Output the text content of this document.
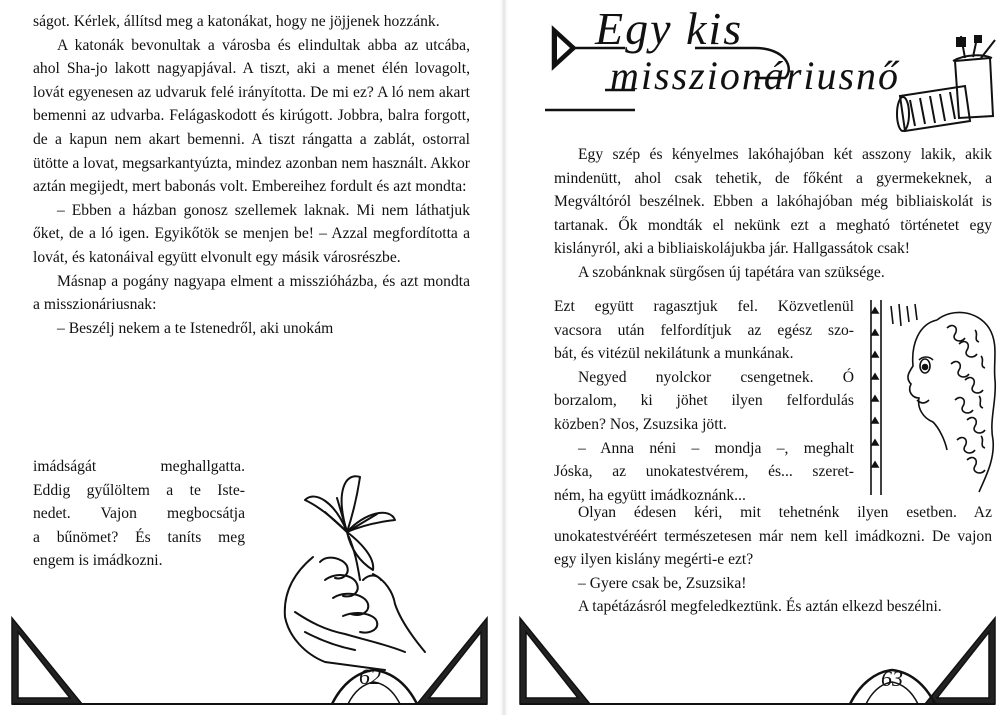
ságot. Kérlek, állítsd meg a katonákat, hogy ne jöjjenek hozzánk.

A katonák bevonultak a városba és elindultak abba az utcába, ahol Sha-jo lakott nagyapjával. A tiszt, aki a menet élén lovagolt, lovát egyenesen az udvaruk felé irányította. De mi ez? A ló nem akart bemenni az udvarba. Felágaskodott és kirúgott. Jobbra, balra forgott, de a kapun nem akart bemenni. A tiszt rángatta a zablát, ostorral ütötte a lovat, megsarkantyúzta, mindez azonban nem használt. Akkor aztán megijedt, mert babonás volt. Embereihez fordult és azt mondta:

– Ebben a házban gonosz szellemek laknak. Mi nem láthatjuk őket, de a ló igen. Egyikőtök se menjen be! – Azzal megfordította a lovát, és katonáival együtt elvonult egy másik városrészbe.

Másnap a pogány nagyapa elment a misszióházba, és azt mondta a misszionáriusnak:

– Beszélj nekem a te Istenedről, aki unokám

imádságát meghallgatta.

Eddig gyűlöltem a te Iste-

nedet. Vajon megbocsátja

a bűnömet? És taníts meg

engem is imádkozni.

62
Egy kis
misszionáriusnő

Egy szép és kényelmes lakóhajóban két asszony lakik, akik mindenütt, ahol csak tehetik, de főként a gyermekeknek, a Megváltóról beszélnek. Ebben a lakóhajóban még bibliaiskolát is tartanak. Ők mondták el nekünk ezt a megható történetet egy kislányról, aki a bibliaiskolájukba jár. Hallgassátok csak!

A szobánknak sürgősen új tapétára van szüksége.

Ezt együtt ragasztjuk fel. Közvetlenül

vacsora után felfordítjuk az egész szo-

bát, és vitézül nekilátunk a munkának.

Negyed nyolckor csengetnek. Ó

borzalom, ki jöhet ilyen felfordulás

közben? Nos, Zsuzsika jött.

– Anna néni – mondja –, meghalt

Jóska, az unokatestvérem, és... szeret-

ném, ha együtt imádkoznánk...

Olyan édesen kéri, mit tehetnénk ilyen esetben. Az unokatestvéréért természetesen már nem kell imádkozni. De vajon egy ilyen kislány megérti-e ezt?

– Gyere csak be, Zsuzsika!

A tapétázásról megfeledkeztünk. És aztán elkezd beszélni.

63
